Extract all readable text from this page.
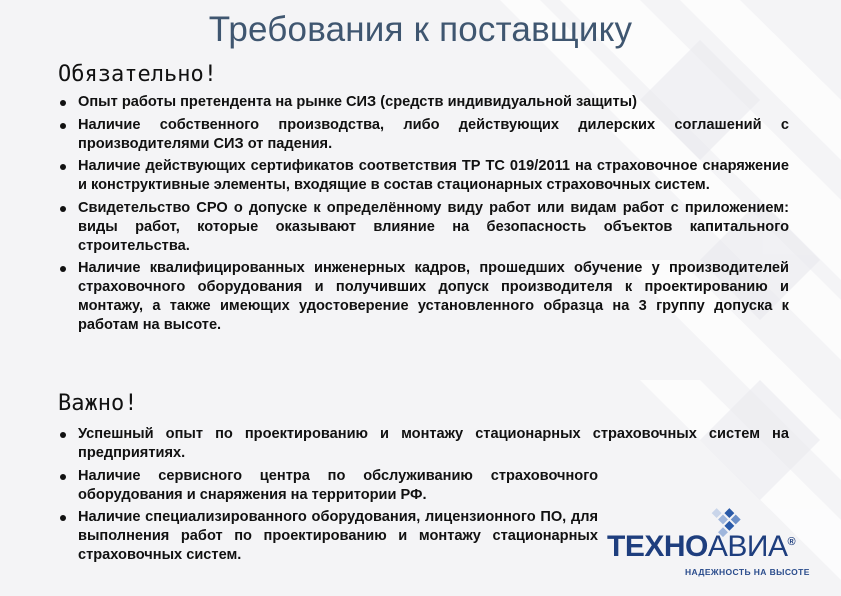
Требования к поставщику
Обязательно!
Опыт работы претендента на рынке СИЗ (средств индивидуальной защиты)
Наличие собственного производства, либо действующих дилерских соглашений с производителями СИЗ от падения.
Наличие действующих сертификатов соответствия ТР ТС 019/2011 на страховочное снаряжение и конструктивные элементы, входящие в состав стационарных страховочных систем.
Свидетельство СРО о допуске к определённому виду работ или видам работ с приложением: виды работ, которые оказывают влияние на безопасность объектов капитального строительства.
Наличие квалифицированных инженерных кадров, прошедших обучение у производителей страховочного оборудования и получивших допуск производителя к проектированию и монтажу, а также имеющих удостоверение установленного образца на 3 группу допуска к работам на высоте.
Важно!
Успешный опыт по проектированию и монтажу стационарных страховочных систем на предприятиях.
Наличие сервисного центра по обслуживанию страховочного оборудования и снаряжения на территории РФ.
Наличие специализированного оборудования, лицензионного ПО, для выполнения работ по проектированию и монтажу стационарных страховочных систем.	ТЕХНОАВИА®
НАДЕЖНОСТЬ НА ВЫСОТЕ
